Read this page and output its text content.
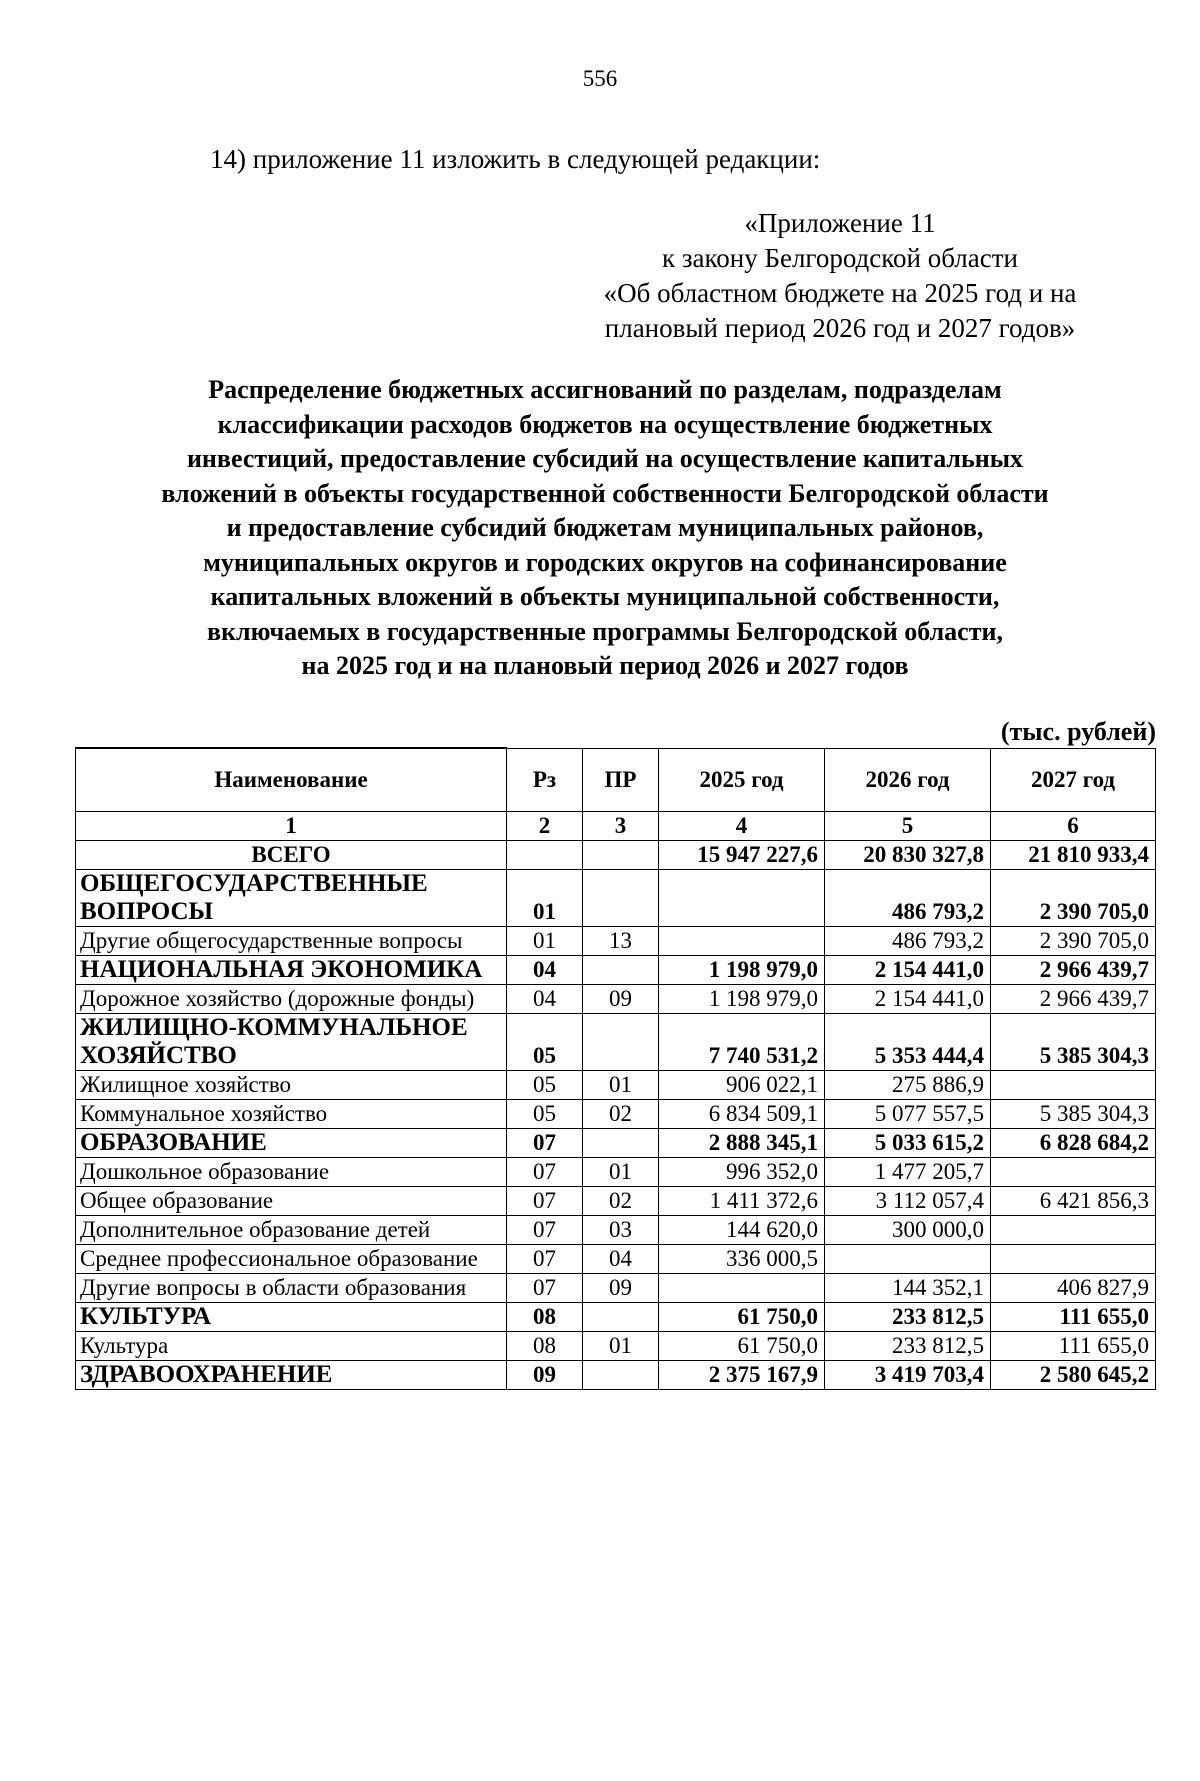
556
14) приложение 11 изложить в следующей редакции:
«Приложение 11
к закону Белгородской области
«Об областном бюджете на 2025 год и на
плановый период 2026 год и 2027 годов»
Распределение бюджетных ассигнований по разделам, подразделам
классификации расходов бюджетов на осуществление бюджетных
инвестиций, предоставление субсидий на осуществление капитальных
вложений в объекты государственной собственности Белгородской области
и предоставление субсидий бюджетам муниципальных районов,
муниципальных округов и городских округов на софинансирование
капитальных вложений в объекты муниципальной собственности,
включаемых в государственные программы Белгородской области,
на 2025 год и на плановый период 2026 и 2027 годов
(тыс. рублей)
Наименование	Рз	ПР	2025 год	2026 год	2027 год
1	2	3	4	5	6
ВСЕГО			15 947 227,6	20 830 327,8	21 810 933,4
ОБЩЕГОСУДАРСТВЕННЫЕ ВОПРОСЫ	01			486 793,2	2 390 705,0
Другие общегосударственные вопросы	01	13		486 793,2	2 390 705,0
НАЦИОНАЛЬНАЯ ЭКОНОМИКА	04		1 198 979,0	2 154 441,0	2 966 439,7
Дорожное хозяйство (дорожные фонды)	04	09	1 198 979,0	2 154 441,0	2 966 439,7
ЖИЛИЩНО-КОММУНАЛЬНОЕ ХОЗЯЙСТВО	05		7 740 531,2	5 353 444,4	5 385 304,3
Жилищное хозяйство	05	01	906 022,1	275 886,9	
Коммунальное хозяйство	05	02	6 834 509,1	5 077 557,5	5 385 304,3
ОБРАЗОВАНИЕ	07		2 888 345,1	5 033 615,2	6 828 684,2
Дошкольное образование	07	01	996 352,0	1 477 205,7	
Общее образование	07	02	1 411 372,6	3 112 057,4	6 421 856,3
Дополнительное образование детей	07	03	144 620,0	300 000,0	
Среднее профессиональное образование	07	04	336 000,5		
Другие вопросы в области образования	07	09		144 352,1	406 827,9
КУЛЬТУРА	08		61 750,0	233 812,5	111 655,0
Культура	08	01	61 750,0	233 812,5	111 655,0
ЗДРАВООХРАНЕНИЕ	09		2 375 167,9	3 419 703,4	2 580 645,2
